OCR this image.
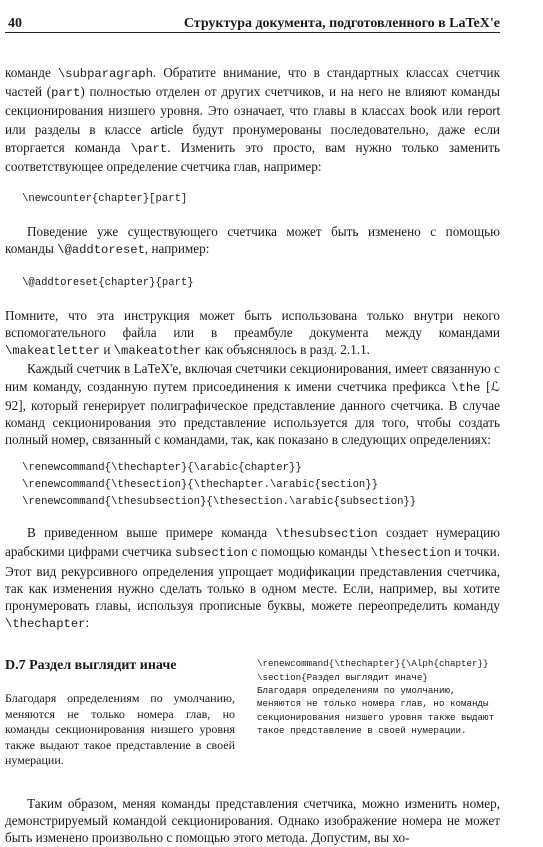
40	Структура документа, подготовленного в LaTeX'е

команде \subparagraph. Обратите внимание, что в стандартных классах счетчик частей (part) полностью отделен от других счетчиков, и на него не влияют команды секционирования низшего уровня. Это означает, что главы в классах book или report или разделы в классе article будут пронумерованы последовательно, даже если вторгается команда \part. Изменить это просто, вам нужно только заменить соответствующее определение счетчика глав, например:

\newcounter{chapter}[part]

Поведение уже существующего счетчика может быть изменено с помощью команды \@addtoreset, например:

\@addtoreset{chapter}{part}

Помните, что эта инструкция может быть использована только внутри некого вспомогательного файла или в преамбуле документа между командами \makeatletter и \makeatother как объяснялось в разд. 2.1.1.

Каждый счетчик в LaTeX'е, включая счетчики секционирования, имеет связанную с ним команду, созданную путем присоединения к имени счетчика префикса \the [ℒ 92], который генерирует полиграфическое представление данного счетчика. В случае команд секционирования это представление используется для того, чтобы создать полный номер, связанный с командами, так, как показано в следующих определениях:

\renewcommand{\thechapter}{\arabic{chapter}}
\renewcommand{\thesection}{\thechapter.\arabic{section}}
\renewcommand{\thesubsection}{\thesection.\arabic{subsection}}

В приведенном выше примере команда \thesubsection создает нумерацию арабскими цифрами счетчика subsection с помощью команды \thesection и точки. Этот вид рекурсивного определения упрощает модификации представления счетчика, так как изменения нужно сделать только в одном месте. Если, например, вы хотите пронумеровать главы, используя прописные буквы, можете переопределить команду \thechapter:

D.7 Раздел выглядит иначе
Благодаря определениям по умолчанию, меняются не только номера глав, но команды секционирования низшего уровня также выдают такое представление в своей нумерации.
\renewcommand{\thechapter}{\Alph{chapter}}
\section{Раздел выглядит иначе}
Благодаря определениям по умолчанию,
меняются не только номера глав, но команды
секционирования низшего уровня также выдают
такое представление в своей нумерации.

Таким образом, меняя команды представления счетчика, можно изменить номер, демонстрируемый командой секционирования. Однако изображение номера не может быть изменено произвольно с помощью этого метода. Допустим, вы хо-
